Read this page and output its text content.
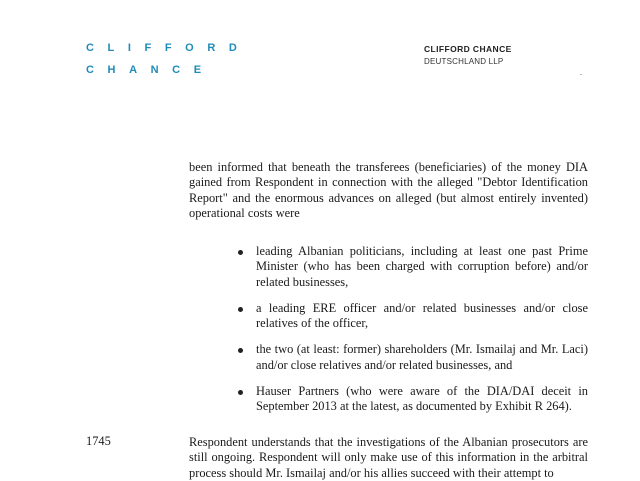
CLIFFORD
CHANCE
CLIFFORD CHANCE
DEUTSCHLAND LLP
been informed that beneath the transferees (beneficiaries) of the money DIA gained from Respondent in connection with the alleged "Debtor Identification Report" and the enormous advances on alleged (but almost entirely invented) operational costs were
leading Albanian politicians, including at least one past Prime Minister (who has been charged with corruption before) and/or related businesses,
a leading ERE officer and/or related businesses and/or close relatives of the officer,
the two (at least: former) shareholders (Mr. Ismailaj and Mr. Laci) and/or close relatives and/or related businesses, and
Hauser Partners (who were aware of the DIA/DAI deceit in September 2013 at the latest, as documented by Exhibit R 264).
1745	Respondent understands that the investigations of the Albanian prosecutors are still ongoing. Respondent will only make use of this information in the arbitral process should Mr. Ismailaj and/or his allies succeed with their attempt to
